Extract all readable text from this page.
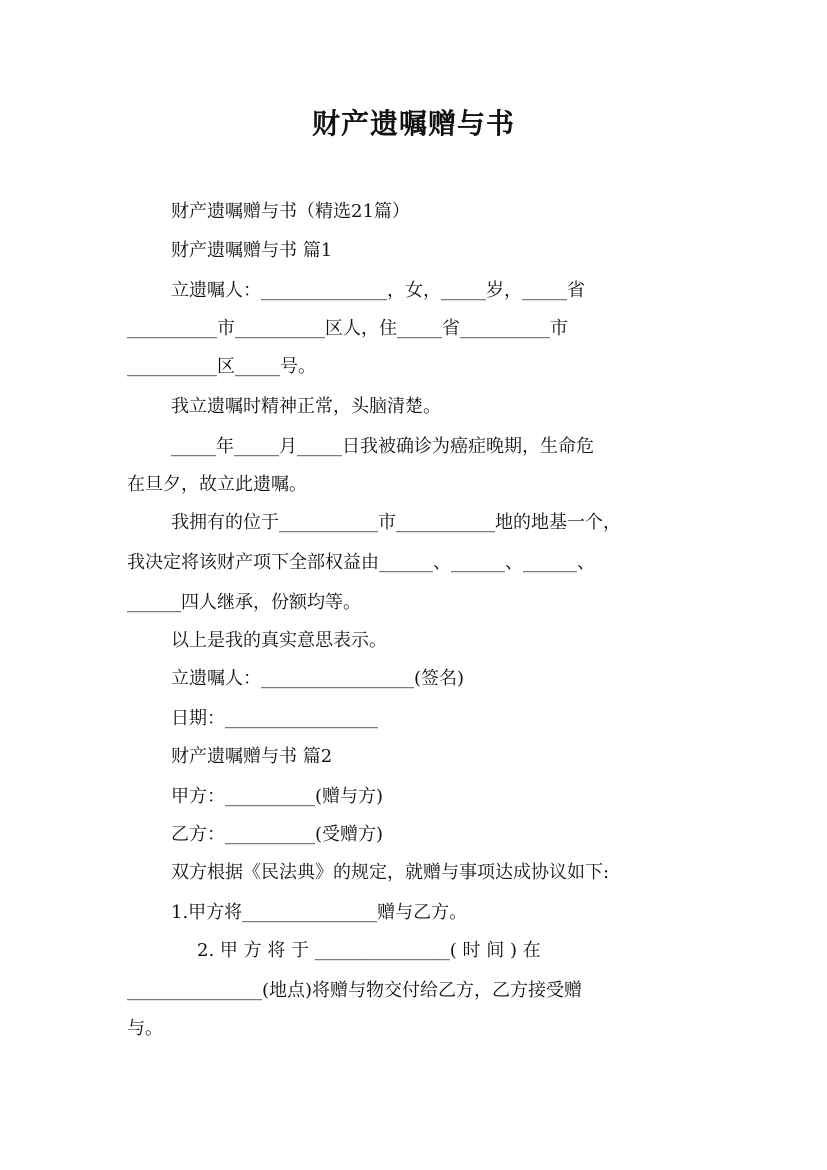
财产遗嘱赠与书
财产遗嘱赠与书（精选21篇）
财产遗嘱赠与书 篇1
立遗嘱人：______________，女，_____岁，_____省
__________市__________区人，住_____省__________市
__________区_____号。
我立遗嘱时精神正常，头脑清楚。
_____年_____月_____日我被确诊为癌症晚期，生命危
在旦夕，故立此遗嘱。
我拥有的位于___________市___________地的地基一个，
我决定将该财产项下全部权益由______、______、______、
______四人继承，份额均等。
以上是我的真实意思表示。
立遗嘱人：_________________(签名)
日期：_________________
财产遗嘱赠与书 篇2
甲方：__________(赠与方)
乙方：__________(受赠方)
双方根据《民法典》的规定，就赠与事项达成协议如下:
1.甲方将_______________赠与乙方。
2. 甲 方 将 于 _______________( 时 间 ) 在
_______________(地点)将赠与物交付给乙方，乙方接受赠
与。
